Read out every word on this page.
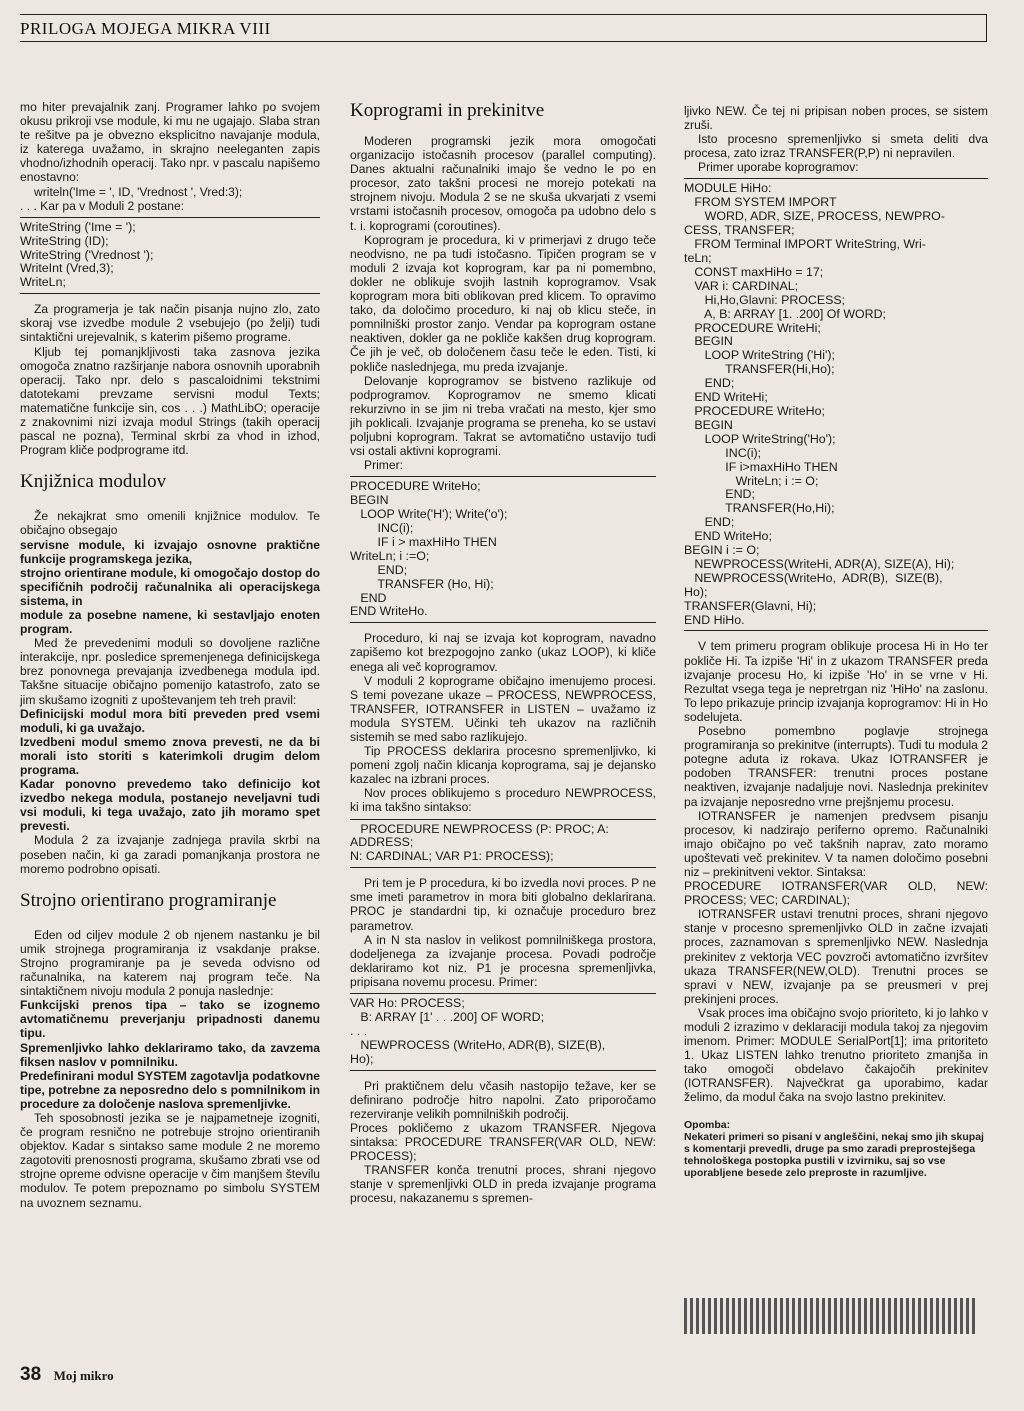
PRILOGA MOJEGA MIKRA VIII

mo hiter prevajalnik zanj. Programer lahko po svojem okusu prikroji vse module, ki mu ne ugajajo. Slaba stran te rešitve pa je obvezno eksplicitno navajanje modula, iz katerega uvažamo, in skrajno neeleganten zapis vhodno/izhodnih operacij. Tako npr. v pascalu napišemo enostavno:

writeln('Ime = ', ID, 'Vrednost ', Vred:3);

. . . Kar pa v Moduli 2 postane:

WriteString ('Ime = ');
WriteString (ID);
WriteString ('Vrednost ');
WriteInt (Vred,3);
WriteLn;

Za programerja je tak način pisanja nujno zlo, zato skoraj vse izvedbe module 2 vsebujejo (po želji) tudi sintaktični urejevalnik, s katerim pišemo programe.

Kljub tej pomanjkljivosti taka zasnova jezika omogoča znatno razširjanje nabora osnovnih uporabnih operacij. Tako npr. delo s pascaloidnimi tekstnimi datotekami prevzame servisni modul Texts; matematične funkcije sin, cos . . .) MathLibO; operacije z znakovnimi nizi izvaja modul Strings (takih operacij pascal ne pozna), Terminal skrbi za vhod in izhod, Program kliče podprograme itd.

Knjižnica modulov

Že nekajkrat smo omenili knjižnice modulov. Te običajno obsegajo

servisne module, ki izvajajo osnovne praktične funkcije programskega jezika,

strojno orientirane module, ki omogočajo dostop do specifičnih področij računalnika ali operacijskega sistema, in

module za posebne namene, ki sestavljajo enoten program.

Med že prevedenimi moduli so dovoljene različne interakcije, npr. posledice spremenjenega definicijskega brez ponovnega prevajanja izvedbenega modula ipd. Takšne situacije običajno pomenijo katastrofo, zato se jim skušamo izogniti z upoštevanjem teh treh pravil:

Definicijski modul mora biti preveden pred vsemi moduli, ki ga uvažajo.

Izvedbeni modul smemo znova prevesti, ne da bi morali isto storiti s katerimkoli drugim delom programa.

Kadar ponovno prevedemo tako definicijo kot izvedbo nekega modula, postanejo neveljavni tudi vsi moduli, ki tega uvažajo, zato jih moramo spet prevesti.

Modula 2 za izvajanje zadnjega pravila skrbi na poseben način, ki ga zaradi pomanjkanja prostora ne moremo podrobno opisati.

Strojno orientirano programiranje

Eden od ciljev module 2 ob njenem nastanku je bil umik strojnega programiranja iz vsakdanje prakse. Strojno programiranje pa je seveda odvisno od računalnika, na katerem naj program teče. Na sintaktičnem nivoju modula 2 ponuja naslednje:

Funkcijski prenos tipa – tako se izognemo avtomatičnemu preverjanju pripadnosti danemu tipu.

Spremenljivko lahko deklariramo tako, da zavzema fiksen naslov v pomnilniku.

Predefinirani modul SYSTEM zagotavlja podatkovne tipe, potrebne za neposredno delo s pomnilnikom in procedure za določenje naslova spremenljivke.

Teh sposobnosti jezika se je najpametneje izogniti, če program resnično ne potrebuje strojno orientiranih objektov. Kadar s sintakso same module 2 ne moremo zagotoviti prenosnosti programa, skušamo zbrati vse od strojne opreme odvisne operacije v čim manjšem številu modulov. Te potem prepoznamo po simbolu SYSTEM na uvoznem seznamu.

Koprogrami in prekinitve

Moderen programski jezik mora omogočati organizacijo istočasnih procesov (parallel computing). Danes aktualni računalniki imajo še vedno le po en procesor, zato takšni procesi ne morejo potekati na strojnem nivoju. Modula 2 se ne skuša ukvarjati z vsemi vrstami istočasnih procesov, omogoča pa udobno delo s t. i. koprogrami (coroutines).

Koprogram je procedura, ki v primerjavi z drugo teče neodvisno, ne pa tudi istočasno. Tipičen program se v moduli 2 izvaja kot koprogram, kar pa ni pomembno, dokler ne oblikuje svojih lastnih koprogramov. Vsak koprogram mora biti oblikovan pred klicem. To opravimo tako, da določimo proceduro, ki naj ob klicu steče, in pomnilniški prostor zanjo. Vendar pa koprogram ostane neaktiven, dokler ga ne pokliče kakšen drug koprogram. Če jih je več, ob določenem času teče le eden. Tisti, ki pokliče naslednjega, mu preda izvajanje.

Delovanje koprogramov se bistveno razlikuje od podprogramov. Koprogramov ne smemo klicati rekurzivno in se jim ni treba vračati na mesto, kjer smo jih poklicali. Izvajanje programa se preneha, ko se ustavi poljubni koprogram. Takrat se avtomatično ustavijo tudi vsi ostali aktivni koprogrami.

Primer:

PROCEDURE WriteHo;
BEGIN
LOOP Write('H'); Write('o');
INC(i);
IF i > maxHiHo THEN
WriteLn; i :=O;
END;
TRANSFER (Ho, Hi);
END
END WriteHo.

Proceduro, ki naj se izvaja kot koprogram, navadno zapišemo kot brezpogojno zanko (ukaz LOOP), ki kliče enega ali več koprogramov.

V moduli 2 koprograme običajno imenujemo procesi. S temi povezane ukaze – PROCESS, NEWPROCESS, TRANSFER, IOTRANSFER in LISTEN – uvažamo iz modula SYSTEM. Učinki teh ukazov na različnih sistemih se med sabo razlikujejo.

Tip PROCESS deklarira procesno spremenljivko, ki pomeni zgolj način klicanja koprograma, saj je dejansko kazalec na izbrani proces.

Nov proces oblikujemo s proceduro NEWPROCESS, ki ima takšno sintakso:

PROCEDURE NEWPROCESS (P: PROC; A:
ADDRESS;
N: CARDINAL; VAR P1: PROCESS);

Pri tem je P procedura, ki bo izvedla novi proces. P ne sme imeti parametrov in mora biti globalno deklarirana. PROC je standardni tip, ki označuje proceduro brez parametrov.

A in N sta naslov in velikost pomnilniškega prostora, dodeljenega za izvajanje procesa. Povadi področje deklariramo kot niz. P1 je procesna spremenljivka, pripisana novemu procesu. Primer:

VAR Ho: PROCESS;
B: ARRAY [1' . . .200] OF WORD;
. . .
NEWPROCESS (WriteHo, ADR(B), SIZE(B),
Ho);

Pri praktičnem delu včasih nastopijo težave, ker se definirano področje hitro napolni. Zato priporočamo rezerviranje velikih pomnilniških področij.

Proces pokličemo z ukazom TRANSFER. Njegova sintaksa: PROCEDURE TRANSFER(VAR OLD, NEW: PROCESS);

TRANSFER konča trenutni proces, shrani njegovo stanje v spremenljivki OLD in preda izvajanje programa procesu, nakazanemu s spremen-

ljivko NEW. Če tej ni pripisan noben proces, se sistem zruši.

Isto procesno spremenljivko si smeta deliti dva procesa, zato izraz TRANSFER(P,P) ni nepravilen.

Primer uporabe koprogramov:

MODULE HiHo:
FROM SYSTEM IMPORT
WORD, ADR, SIZE, PROCESS, NEWPRO-
CESS, TRANSFER;
FROM Terminal IMPORT WriteString, Wri-
teLn;
CONST maxHiHo = 17;
VAR i: CARDINAL;
Hi,Ho,Glavni: PROCESS;
A, B: ARRAY [1. .200] Of WORD;
PROCEDURE WriteHi;
BEGIN
LOOP WriteString ('Hi');
TRANSFER(Hi,Ho);
END;
END WriteHi;
PROCEDURE WriteHo;
BEGIN
LOOP WriteString('Ho');
INC(i);
IF i>maxHiHo THEN
WriteLn; i := O;
END;
TRANSFER(Ho,Hi);
END;
END WriteHo;
BEGIN i := O;
NEWPROCESS(WriteHi, ADR(A), SIZE(A), Hi);
NEWPROCESS(WriteHo,  ADR(B),  SIZE(B),
Ho);
TRANSFER(Glavni, Hi);
END HiHo.

V tem primeru program oblikuje procesa Hi in Ho ter pokliče Hi. Ta izpiše 'Hi' in z ukazom TRANSFER preda izvajanje procesu Ho, ki izpiše 'Ho' in se vrne v Hi. Rezultat vsega tega je nepretrgan niz 'HiHo' na zaslonu. To lepo prikazuje princip izvajanja koprogramov: Hi in Ho sodelujeta.

Posebno pomembno poglavje strojnega programiranja so prekinitve (interrupts). Tudi tu modula 2 potegne aduta iz rokava. Ukaz IOTRANSFER je podoben TRANSFER: trenutni proces postane neaktiven, izvajanje nadaljuje novi. Naslednja prekinitev pa izvajanje neposredno vrne prejšnjemu procesu.

IOTRANSFER je namenjen predvsem pisanju procesov, ki nadzirajo periferno opremo. Računalniki imajo običajno po več takšnih naprav, zato moramo upoštevati več prekinitev. V ta namen določimo posebni niz – prekinitveni vektor. Sintaksa:

PROCEDURE IOTRANSFER(VAR OLD, NEW: PROCESS; VEC; CARDINAL);

IOTRANSFER ustavi trenutni proces, shrani njegovo stanje v procesno spremenljivko OLD in začne izvajati proces, zaznamovan s spremenljivko NEW. Naslednja prekinitev z vektorja VEC povzroči avtomatično izvršitev ukaza TRANSFER(NEW,OLD). Trenutni proces se spravi v NEW, izvajanje pa se preusmeri v prej prekinjeni proces.

Vsak proces ima običajno svojo prioriteto, ki jo lahko v moduli 2 izrazimo v deklaraciji modula takoj za njegovim imenom. Primer: MODULE SerialPort[1]; ima pritoriteto 1. Ukaz LISTEN lahko trenutno prioriteto zmanjša in tako omogoči obdelavo čakajočih prekinitev (IOTRANSFER). Največkrat ga uporabimo, kadar želimo, da modul čaka na svojo lastno prekinitev.

Opomba:
Nekateri primeri so pisani v angleščini, nekaj smo jih skupaj s komentarji prevedli, druge pa smo zaradi preprostejšega tehnološkega postopka pustili v izvirniku, saj so vse uporabljene besede zelo preproste in razumljive.
38 Moj mikro
